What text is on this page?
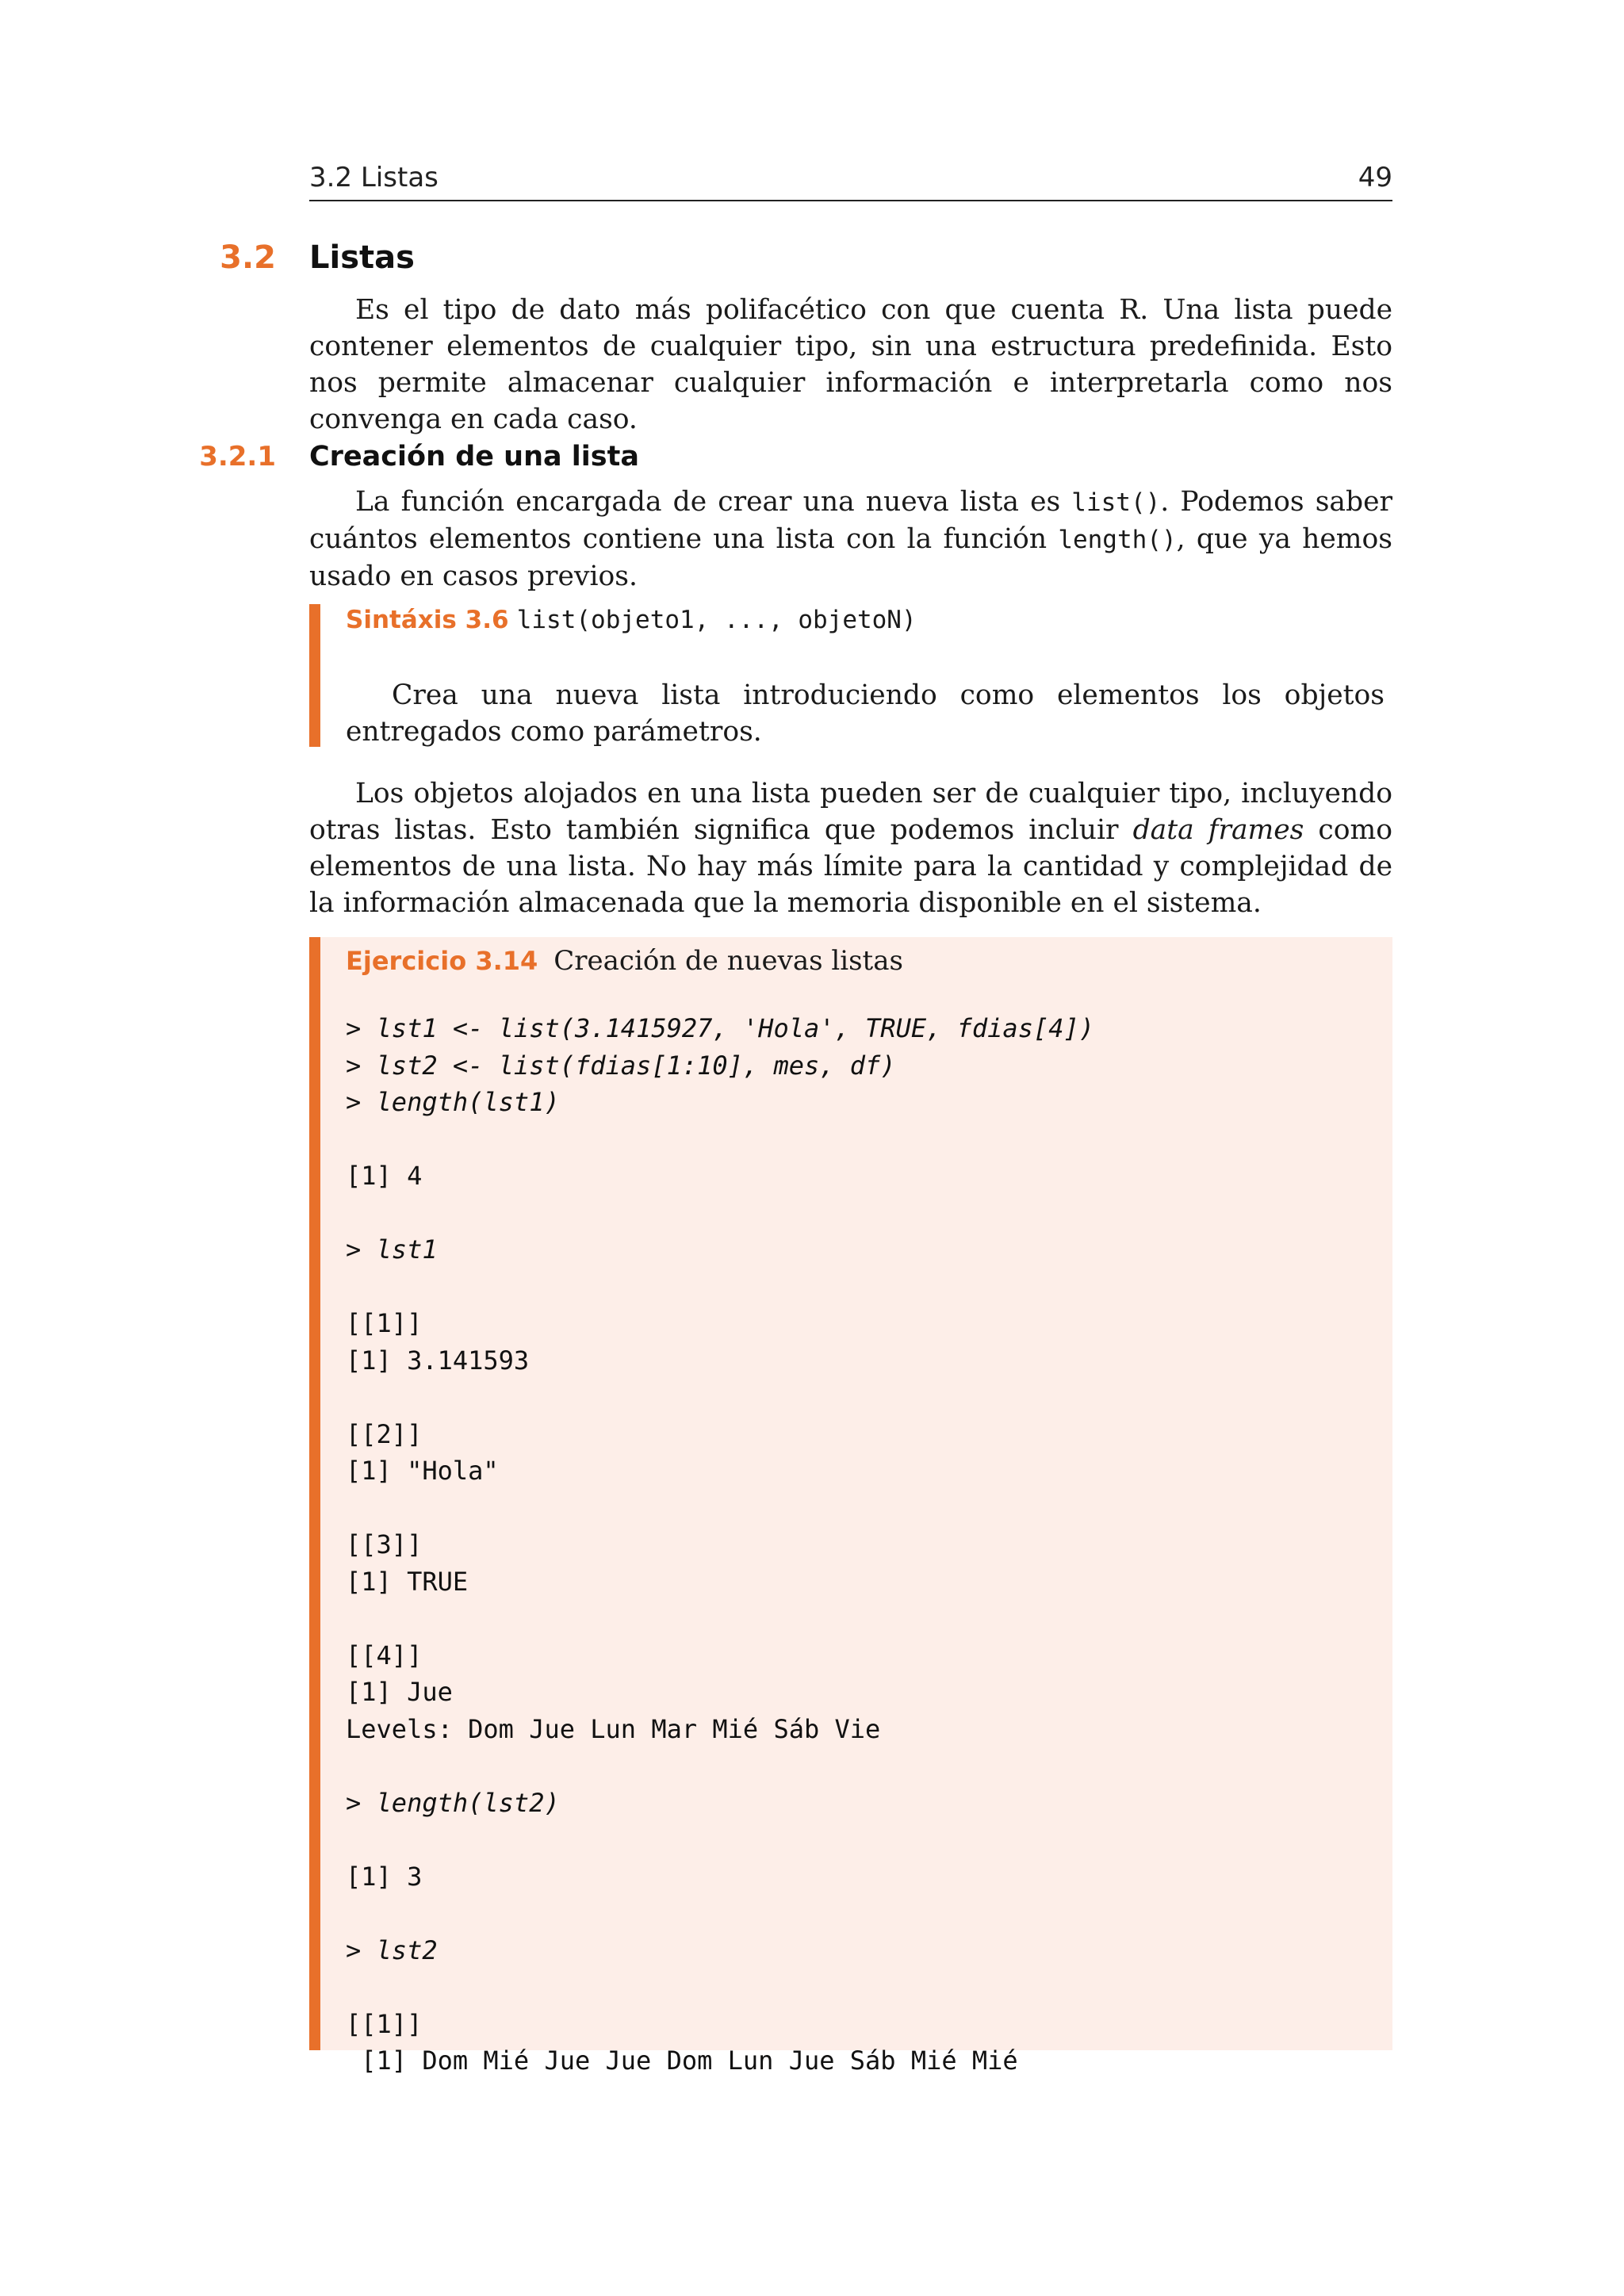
3.2 Listas	49
3.2 Listas

Es el tipo de dato más polifacético con que cuenta R. Una lista puede contener elementos de cualquier tipo, sin una estructura predefinida. Esto nos permite almacenar cualquier información e interpretarla como nos convenga en cada caso.

3.2.1 Creación de una lista

La función encargada de crear una nueva lista es list(). Podemos saber cuántos elementos contiene una lista con la función length(), que ya hemos usado en casos previos.

Sintáxis 3.6 list(objeto1, ..., objetoN)

Crea una nueva lista introduciendo como elementos los objetos entregados como parámetros.

Los objetos alojados en una lista pueden ser de cualquier tipo, incluyendo otras listas. Esto también significa que podemos incluir data frames como elementos de una lista. No hay más límite para la cantidad y complejidad de la información almacenada que la memoria disponible en el sistema.

Ejercicio 3.14 Creación de nuevas listas
> lst1 <- list(3.1415927, 'Hola', TRUE, fdias[4])
> lst2 <- list(fdias[1:10], mes, df)
> length(lst1)
[1] 4
> lst1
[[1]]
[1] 3.141593
[[2]]
[1] "Hola"
[[3]]
[1] TRUE
[[4]]
[1] Jue
Levels: Dom Jue Lun Mar Mié Sáb Vie
> length(lst2)
[1] 3
> lst2
[[1]]
[1] Dom Mié Jue Jue Dom Lun Jue Sáb Mié Mié
